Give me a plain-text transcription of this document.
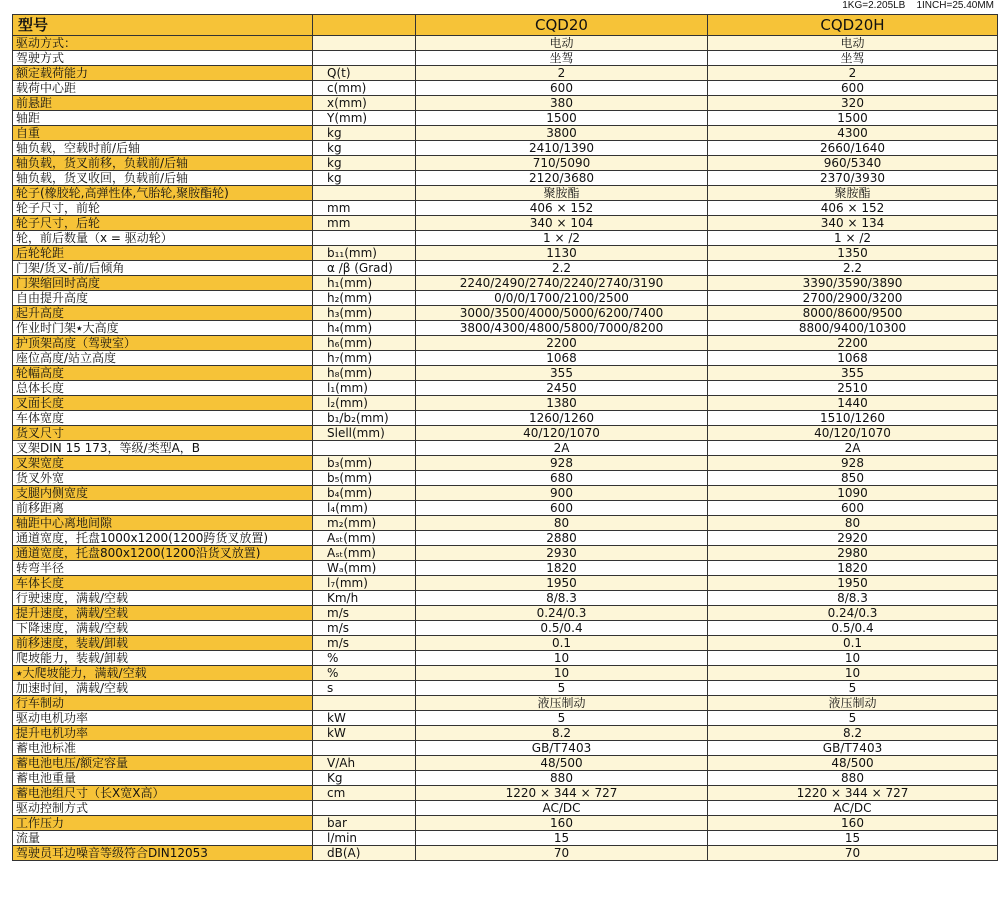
1KG=2.205LB    1INCH=25.40MM
型号		CQD20	CQD20H
驱动方式：		电动	电动
驾驶方式		坐驾	坐驾
额定载荷能力	Q(t)	2	2
载荷中心距	c(mm)	600	600
前悬距	x(mm)	380	320
轴距	Y(mm)	1500	1500
自重	kg	3800	4300
轴负载，空载时前/后轴	kg	2410/1390	2660/1640
轴负载，货叉前移，负载前/后轴	kg	710/5090	960/5340
轴负载，货叉收回，负载前/后轴	kg	2120/3680	2370/3930
轮子(橡胶轮,高弹性体,气胎轮,聚胺酯轮)		聚胺酯	聚胺酯
轮子尺寸，前轮	mm	406 × 152	406 × 152
轮子尺寸，后轮	mm	340 × 104	340 × 134
轮，前后数量（x = 驱动轮）		1 × /2	1 × /2
后轮轮距	b₁₁(mm)	1130	1350
门架/货叉-前/后倾角	α /β (Grad)	2.2	2.2
门架缩回时高度	h₁(mm)	2240/2490/2740/2240/2740/3190	3390/3590/3890
自由提升高度	h₂(mm)	0/0/0/1700/2100/2500	2700/2900/3200
起升高度	h₃(mm)	3000/3500/4000/5000/6200/7400	8000/8600/9500
作业时门架٭大高度	h₄(mm)	3800/4300/4800/5800/7000/8200	8800/9400/10300
护顶架高度（驾驶室）	h₆(mm)	2200	2200
座位高度/站立高度	h₇(mm)	1068	1068
轮幅高度	h₈(mm)	355	355
总体长度	l₁(mm)	2450	2510
叉面长度	l₂(mm)	1380	1440
车体宽度	b₁/b₂(mm)	1260/1260	1510/1260
货叉尺寸	Slell(mm)	40/120/1070	40/120/1070
叉架DIN 15 173，等级/类型A，B		2A	2A
叉架宽度	b₃(mm)	928	928
货叉外宽	b₅(mm)	680	850
支腿内侧宽度	b₄(mm)	900	1090
前移距离	l₄(mm)	600	600
轴距中心离地间隙	m₂(mm)	80	80
通道宽度，托盘1000x1200(1200跨货叉放置)	Aₛₜ(mm)	2880	2920
通道宽度，托盘800x1200(1200沿货叉放置)	Aₛₜ(mm)	2930	2980
转弯半径	Wₐ(mm)	1820	1820
车体长度	l₇(mm)	1950	1950
行驶速度，满载/空载	Km/h	8/8.3	8/8.3
提升速度，满载/空载	m/s	0.24/0.3	0.24/0.3
下降速度，满载/空载	m/s	0.5/0.4	0.5/0.4
前移速度，装载/卸载	m/s	0.1	0.1
爬坡能力，装载/卸载	%	10	10
٭大爬坡能力，满载/空载	%	10	10
加速时间，满载/空载	s	5	5
行车制动		液压制动	液压制动
驱动电机功率	kW	5	5
提升电机功率	kW	8.2	8.2
蓄电池标准		GB/T7403	GB/T7403
蓄电池电压/额定容量	V/Ah	48/500	48/500
蓄电池重量	Kg	880	880
蓄电池组尺寸（长X宽X高）	cm	1220 × 344 × 727	1220 × 344 × 727
驱动控制方式		AC/DC	AC/DC
工作压力	bar	160	160
流量	l/min	15	15
驾驶员耳边噪音等级符合DIN12053	dB(A)	70	70
